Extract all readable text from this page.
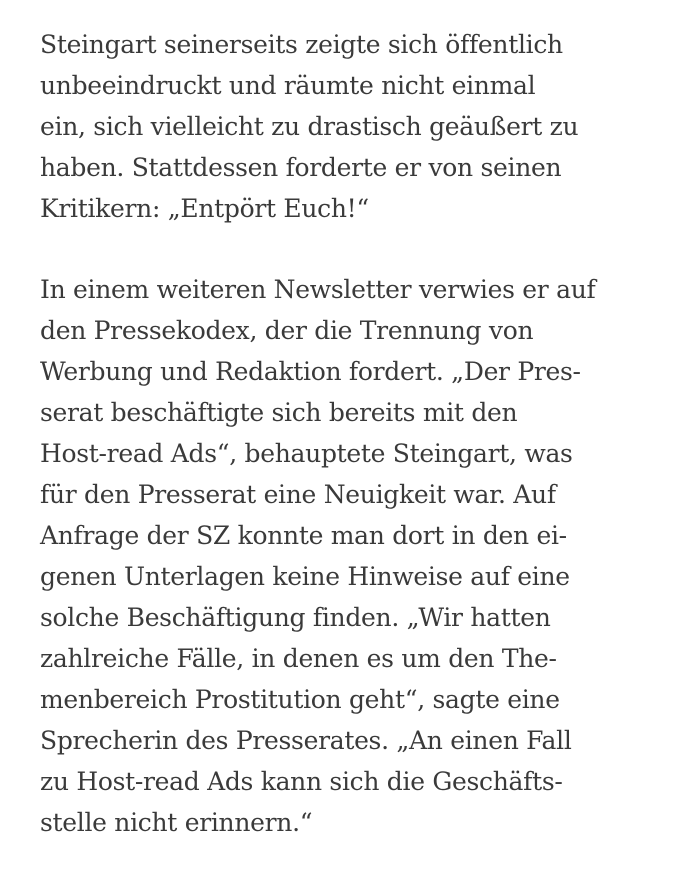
Steingart seinerseits zeigte sich öffentlich
unbeeindruckt und räumte nicht einmal
ein, sich vielleicht zu drastisch geäußert zu
haben. Stattdessen forderte er von seinen
Kritikern: „Entpört Euch!“

In einem weiteren Newsletter verwies er auf
den Pressekodex, der die Trennung von
Werbung und Redaktion fordert. „Der Pres-
serat beschäftigte sich bereits mit den
Host-read Ads“, behauptete Steingart, was
für den Presserat eine Neuigkeit war. Auf
Anfrage der SZ konnte man dort in den ei-
genen Unterlagen keine Hinweise auf eine
solche Beschäftigung finden. „Wir hatten
zahlreiche Fälle, in denen es um den The-
menbereich Prostitution geht“, sagte eine
Sprecherin des Presserates. „An einen Fall
zu Host-read Ads kann sich die Geschäfts-
stelle nicht erinnern.“
